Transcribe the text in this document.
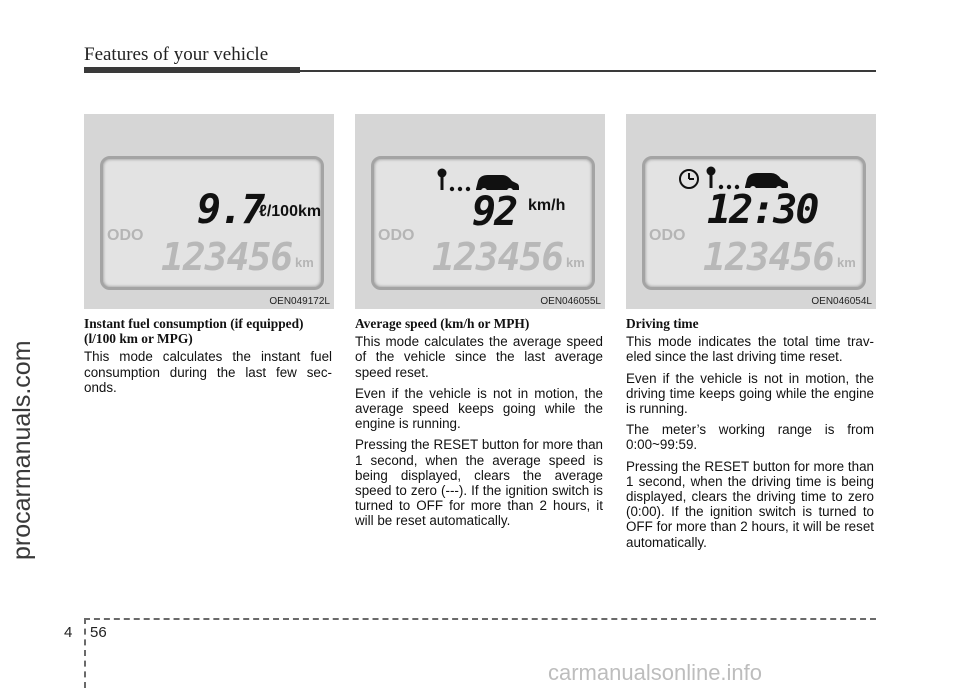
Features of your vehicle
procarmanuals.com
9.7
ℓ/100km
ODO 123456 km
OEN049172L
92 km/h
ODO 123456 km
OEN046055L
12:30
ODO 123456 km
OEN046054L
Instant fuel consumption (if equipped) (l/100 km or MPG)

This mode calculates the instant fuel consumption during the last few sec-onds.

Average speed (km/h or MPH)

This mode calculates the average speed of the vehicle since the last average speed reset.

Even if the vehicle is not in motion, the average speed keeps going while the engine is running.

Pressing the RESET button for more than 1 second, when the average speed is being displayed, clears the average speed to zero (---). If the ignition switch is turned to OFF for more than 2 hours, it will be reset automatically.

Driving time

This mode indicates the total time trav-eled since the last driving time reset.

Even if the vehicle is not in motion, the driving time keeps going while the engine is running.

The meter’s working range is from 0:00~99:59.

Pressing the RESET button for more than 1 second, when the driving time is being displayed, clears the driving time to zero (0:00). If the ignition switch is turned to OFF for more than 2 hours, it will be reset automatically.

4 56
carmanualsonline.info
